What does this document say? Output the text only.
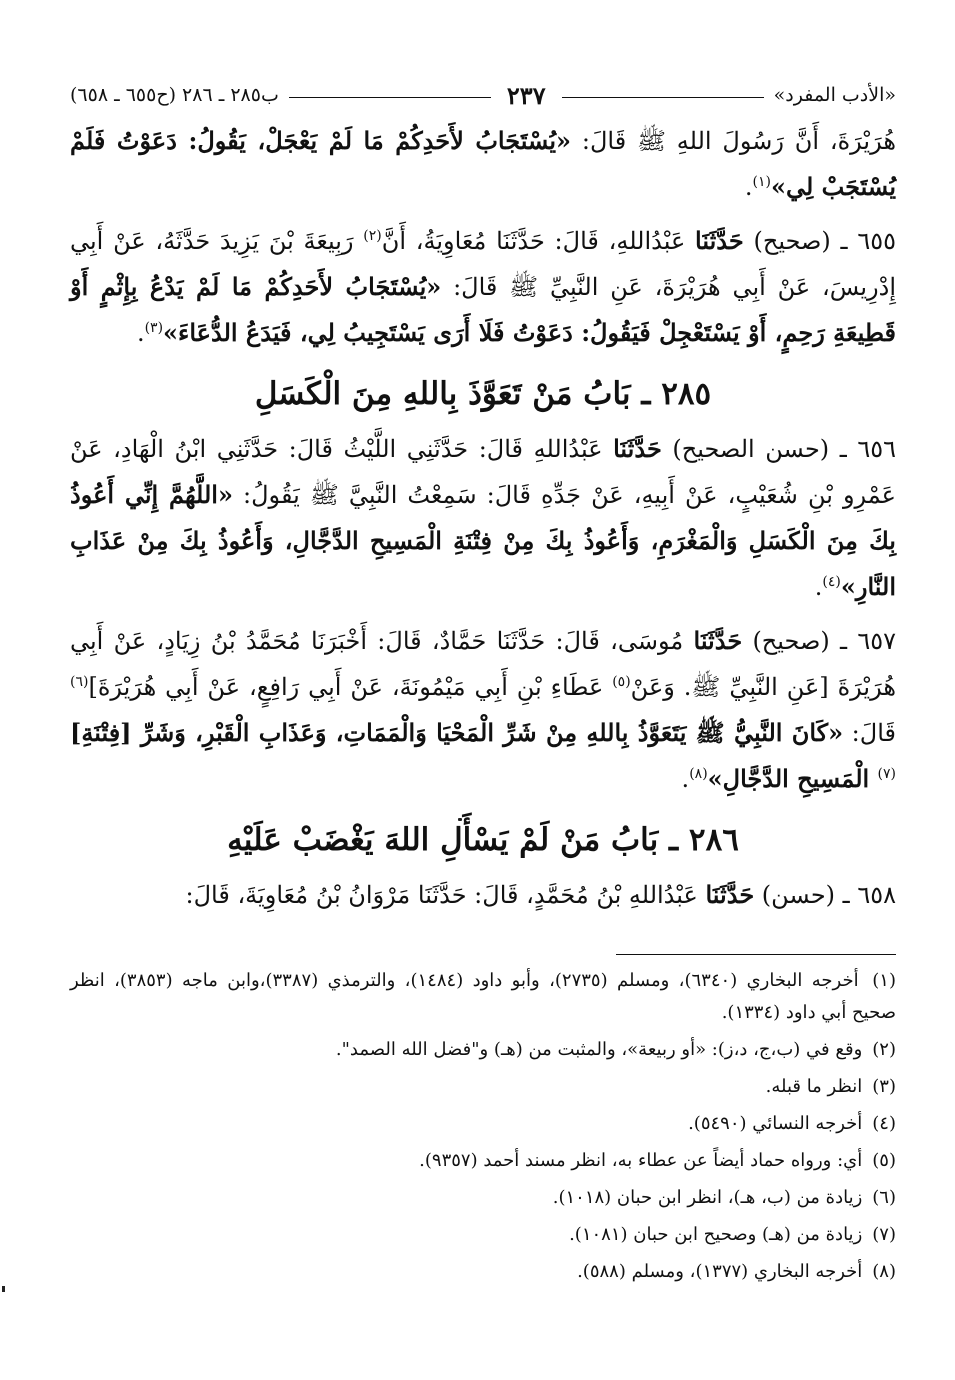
«الأدب المفرد»
٢٣٧
ب٢٨٥ ـ ٢٨٦ (ح٦٥٥ ـ ٦٥٨)

هُرَيْرَةَ، أَنَّ رَسُولَ اللهِ ﷺ قَالَ: «يُسْتَجَابُ لأَحَدِكُمْ مَا لَمْ يَعْجَلْ، يَقُولُ: دَعَوْتُ فَلَمْ يُسْتَجَبْ لِي»$^{(١)}$.

٦٥٥ ـ (صحيح) حَدَّثَنَا عَبْدُاللهِ، قَالَ: حَدَّثَنَا مُعَاوِيَةُ، أَنَّ$^{(٢)}$ رَبِيعَةَ بْنَ يَزِيدَ حَدَّثَهُ، عَنْ أَبِي إِدْرِيسَ، عَنْ أَبِي هُرَيْرَةَ، عَنِ النَّبِيِّ ﷺ قَالَ: «يُسْتَجَابُ لأَحَدِكُمْ مَا لَمْ يَدْعُ بِإِثْمٍ أَوْ قَطِيعَةِ رَحِمٍ، أَوْ يَسْتَعْجِلْ فَيَقُولُ: دَعَوْتُ فَلَا أَرَى يَسْتَجِيبُ لِي، فَيَدَعُ الدُّعَاءَ»$^{(٣)}$.

٢٨٥ ـ بَابُ مَنْ تَعَوَّذَ بِاللهِ مِنَ الْكَسَلِ

٦٥٦ ـ (حسن الصحيح) حَدَّثَنَا عَبْدُاللهِ قَالَ: حَدَّثَنِي اللَّيْثُ قَالَ: حَدَّثَنِي ابْنُ الْهَادِ، عَنْ عَمْرِو بْنِ شُعَيْبٍ، عَنْ أَبِيهِ، عَنْ جَدِّهِ قَالَ: سَمِعْتُ النَّبِيَّ ﷺ يَقُولُ: «اللَّهُمَّ إِنِّي أَعُوذُ بِكَ مِنَ الْكَسَلِ وَالْمَغْرَمِ، وَأَعُوذُ بِكَ مِنْ فِتْنَةِ الْمَسِيحِ الدَّجَّالِ، وَأَعُوذُ بِكَ مِنْ عَذَابِ النَّارِ»$^{(٤)}$.

٦٥٧ ـ (صحيح) حَدَّثَنَا مُوسَى، قَالَ: حَدَّثَنَا حَمَّادٌ، قَالَ: أَخْبَرَنَا مُحَمَّدُ بْنُ زِيَادٍ، عَنْ أَبِي هُرَيْرَةَ [عَنِ النَّبِيِّ ﷺ. وَعَنْ$^{(٥)}$ عَطَاءِ بْنِ أَبِي مَيْمُونَةَ، عَنْ أَبِي رَافِعٍ، عَنْ أَبِي هُرَيْرَةَ]$^{(٦)}$ قَالَ: «كَانَ النَّبِيُّ ﷺ يَتَعَوَّذُ بِاللهِ مِنْ شَرِّ الْمَحْيَا وَالْمَمَاتِ، وَعَذَابِ الْقَبْرِ، وَشَرِّ [فِتْنَةِ]$^{(٧)}$ الْمَسِيحِ الدَّجَّالِ»$^{(٨)}$.

٢٨٦ ـ بَابُ مَنْ لَمْ يَسْأَلِ اللهَ يَغْضَبْ عَلَيْهِ

٦٥٨ ـ (حسن) حَدَّثَنَا عَبْدُاللهِ بْنُ مُحَمَّدٍ، قَالَ: حَدَّثَنَا مَرْوَانُ بْنُ مُعَاوِيَةَ، قَالَ:

(١) أخرجه البخاري (٦٣٤٠)، ومسلم (٢٧٣٥)، وأبو داود (١٤٨٤)، والترمذي (٣٣٨٧)،وابن ماجه (٣٨٥٣)، انظر صحيح أبي داود (١٣٣٤).
(٢) وقع في (ب،ج، د،ز): «أو ربيعة»، والمثبت من (هـ) و"فضل الله الصمد".
(٣) انظر ما قبله.
(٤) أخرجه النسائي (٥٤٩٠).
(٥) أي: ورواه حماد أيضاً عن عطاء به، انظر مسند أحمد (٩٣٥٧).
(٦) زيادة من (ب، هـ)، انظر ابن حبان (١٠١٨).
(٧) زيادة من (هـ) وصحيح ابن حبان (١٠٨١).
(٨) أخرجه البخاري (١٣٧٧)، ومسلم (٥٨٨).
